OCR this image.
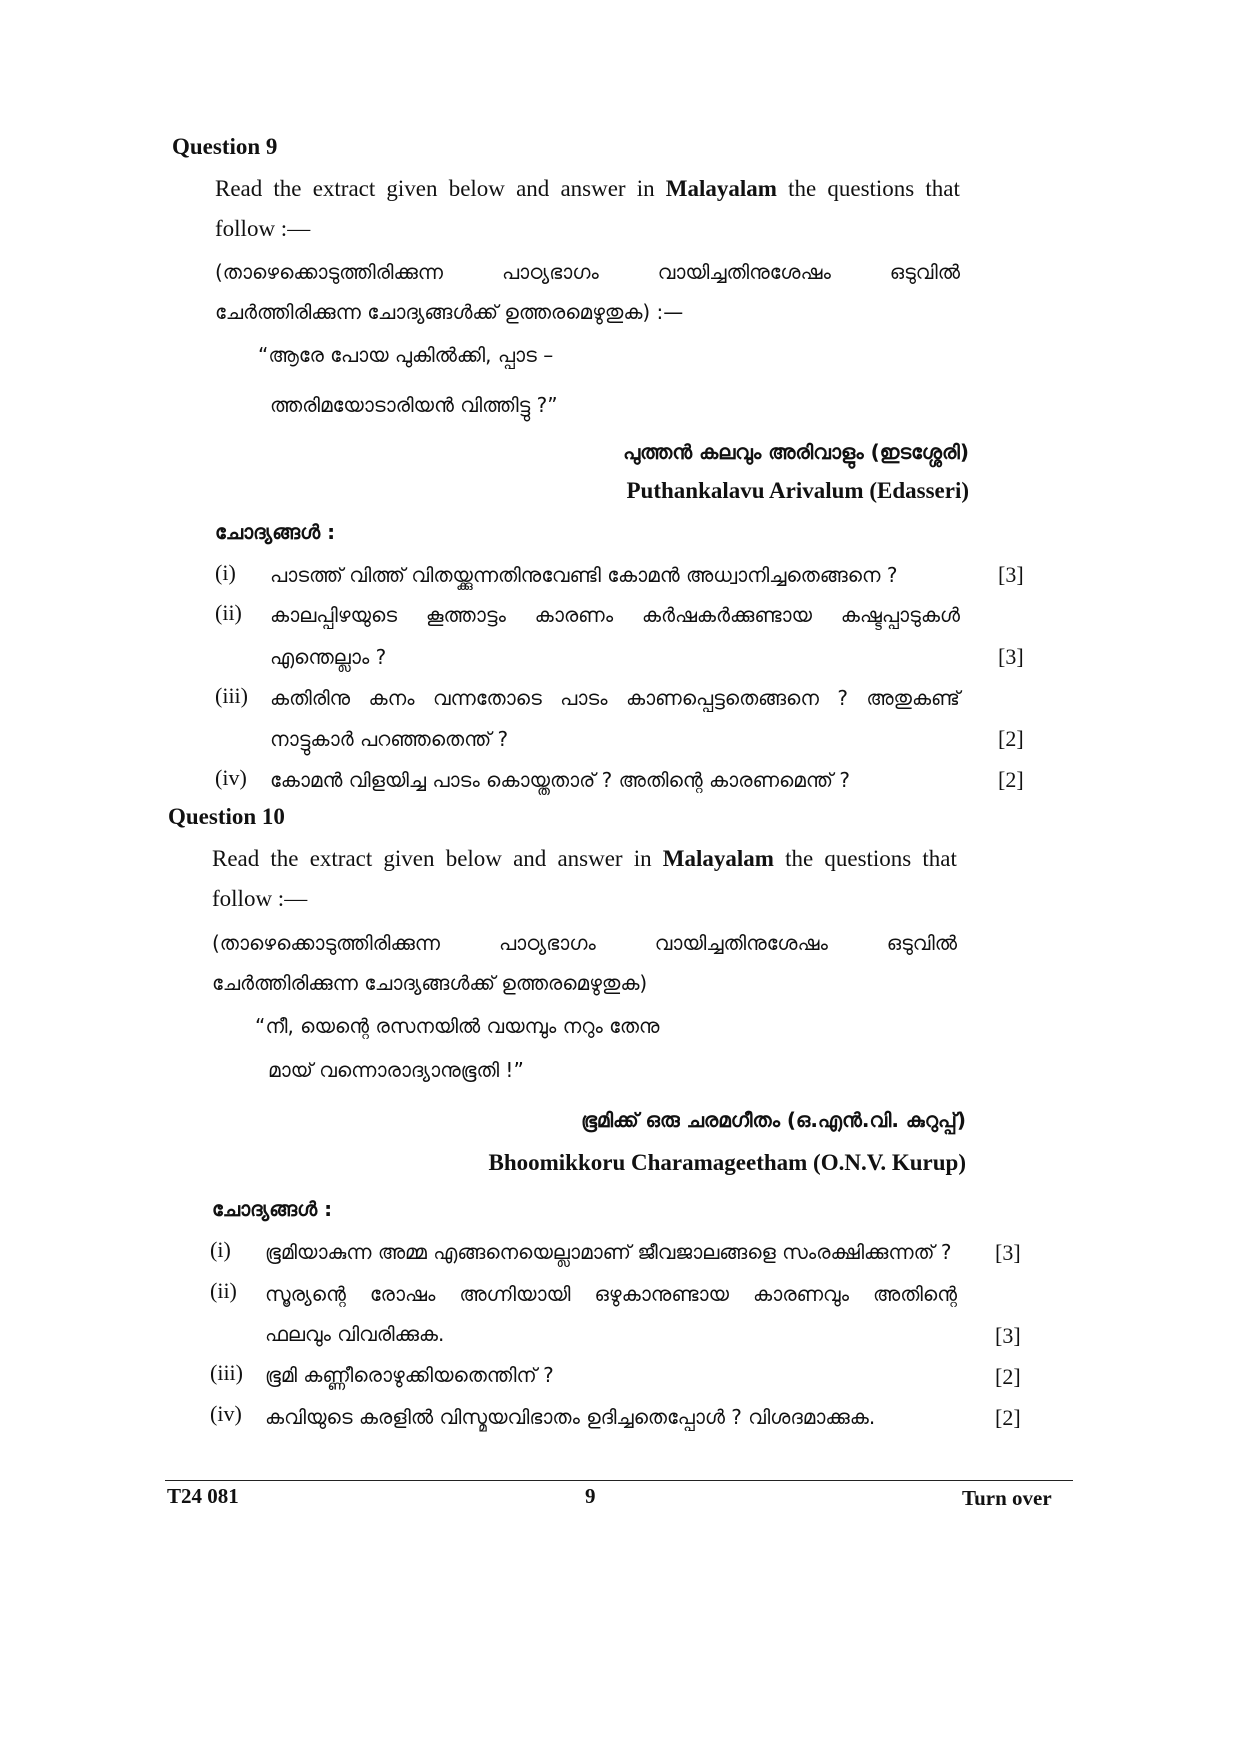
Question 9
Read the extract given below and answer in Malayalam the questions that
follow :—
(താഴെക്കൊടുത്തിരിക്കുന്ന	പാഠ്യഭാഗം	വായിച്ചതിനുശേഷം	ഒടുവിൽ
ചേർത്തിരിക്കുന്ന ചോദ്യങ്ങൾക്ക് ഉത്തരമെഴുതുക) :—
“ആരേ പോയ പുകിൽക്കി, പ്പാട –
ത്തരിമയോടാരിയൻ വിത്തിട്ടു ?”
പുത്തൻ കലവും അരിവാളും (ഇടശ്ശേരി)
Puthankalavu Arivalum (Edasseri)
ചോദ്യങ്ങൾ :
(i) പാടത്ത് വിത്ത് വിതയ്ക്കുന്നതിനുവേണ്ടി കോമൻ അധ്വാനിച്ചതെങ്ങനെ ?	[3]
(ii) കാലപ്പിഴയുടെ കൂത്താട്ടം കാരണം കർഷകർക്കുണ്ടായ കഷ്ടപ്പാടുകൾ
എന്തെല്ലാം ?	[3]
(iii) കതിരിനു കനം വന്നതോടെ പാടം കാണപ്പെട്ടതെങ്ങനെ ? അതുകണ്ട്
നാട്ടുകാർ പറഞ്ഞതെന്ത് ?	[2]
(iv) കോമൻ വിളയിച്ച പാടം കൊയ്തതാര് ? അതിന്റെ കാരണമെന്ത് ?	[2]
Question 10
Read the extract given below and answer in Malayalam the questions that
follow :—
(താഴെക്കൊടുത്തിരിക്കുന്ന	പാഠ്യഭാഗം	വായിച്ചതിനുശേഷം	ഒടുവിൽ
ചേർത്തിരിക്കുന്ന ചോദ്യങ്ങൾക്ക് ഉത്തരമെഴുതുക)
“നീ, യെന്റെ രസനയിൽ വയമ്പും നറും തേനു
മായ് വന്നൊരാദ്യാനുഭൂതി !”
ഭൂമിക്ക് ഒരു ചരമഗീതം (ഒ.എൻ.വി. കുറുപ്പ്)
Bhoomikkoru Charamageetham (O.N.V. Kurup)
ചോദ്യങ്ങൾ :
(i) ഭൂമിയാകുന്ന അമ്മ എങ്ങനെയെല്ലാമാണ് ജീവജാലങ്ങളെ സംരക്ഷിക്കുന്നത് ? [3]
(ii) സൂര്യന്റെ രോഷം അഗ്നിയായി ഒഴുകാനുണ്ടായ കാരണവും അതിന്റെ
ഫലവും വിവരിക്കുക.	[3]
(iii) ഭൂമി കണ്ണീരൊഴുക്കിയതെന്തിന് ?	[2]
(iv) കവിയുടെ കരളിൽ വിസ്മയവിഭാതം ഉദിച്ചതെപ്പോൾ ? വിശദമാക്കുക.	[2]
T24 081	9	Turn over
